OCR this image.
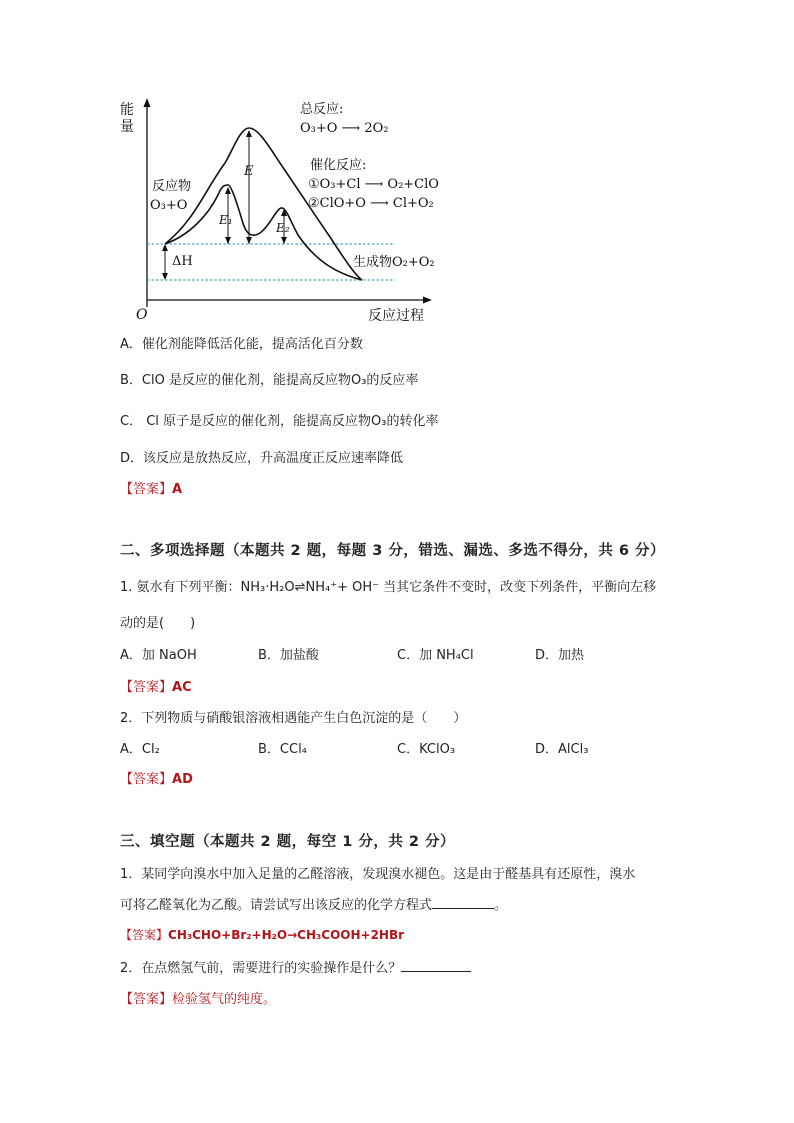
E
E₁
E₂
ΔH
能
量
O	反应过程
总反应:
O₃+O ⟶ 2O₂
催化反应:
①O₃+Cl ⟶ O₂+ClO
②ClO+O ⟶ Cl+O₂
反应物
O₃+O
生成物O₂+O₂
A．催化剂能降低活化能，提高活化百分数
B．ClO 是反应的催化剂，能提高反应物O₃的反应率
C． Cl 原子是反应的催化剂，能提高反应物O₃的转化率
D．该反应是放热反应，升高温度正反应速率降低
【答案】A
二、多项选择题（本题共 2 题，每题 3 分，错选、漏选、多选不得分，共 6 分）
1. 氨水有下列平衡：NH₃·H₂O⇌NH₄⁺+ OH⁻ 当其它条件不变时，改变下列条件，平衡向左移
动的是(　　)
A．加 NaOH	B．加盐酸	C．加 NH₄Cl	D．加热
【答案】AC
2．下列物质与硝酸银溶液相遇能产生白色沉淀的是（　　）
A．Cl₂	B．CCl₄	C．KClO₃	D．AlCl₃
【答案】AD
三、填空题（本题共 2 题，每空 1 分，共 2 分）
1．某同学向溴水中加入足量的乙醛溶液，发现溴水褪色。这是由于醛基具有还原性，溴水
可将乙醛氧化为乙酸。请尝试写出该反应的化学方程式	。
【答案】CH₃CHO+Br₂+H₂O→CH₃COOH+2HBr
2．在点燃氢气前，需要进行的实验操作是什么？
【答案】检验氢气的纯度。
